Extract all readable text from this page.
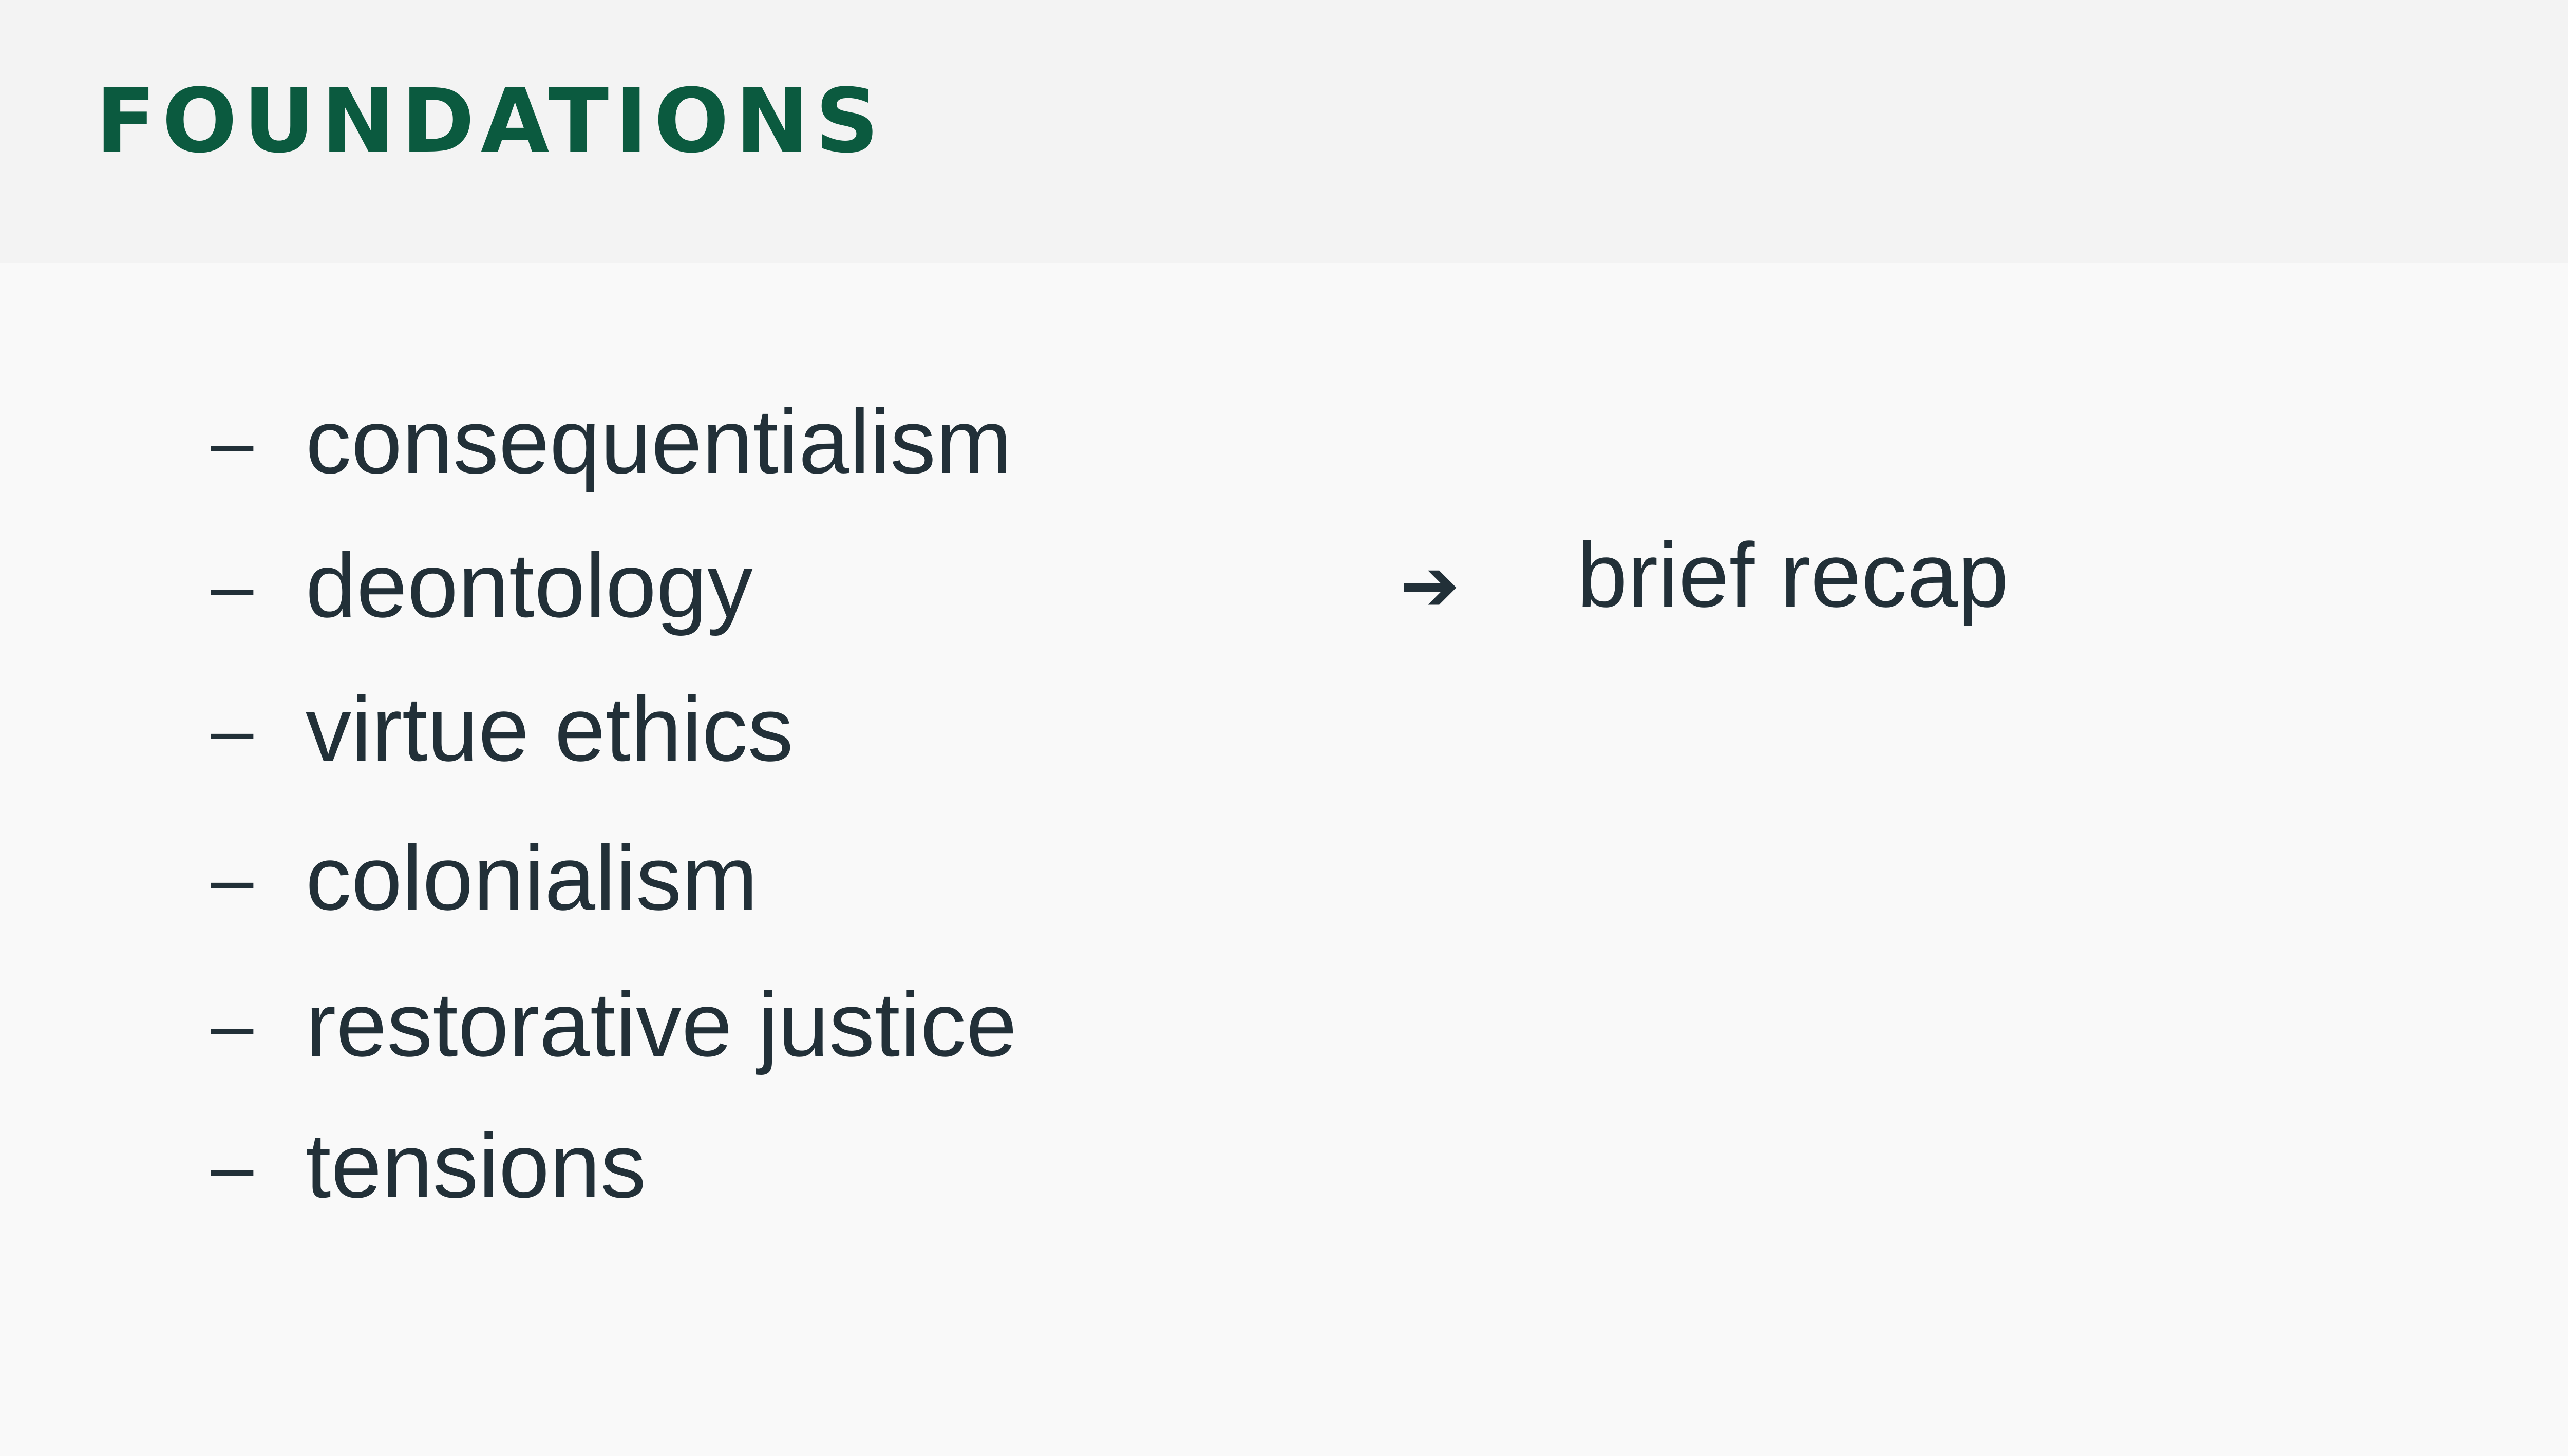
FOUNDATIONS
– consequentialism
– deontology
– virtue ethics
– colonialism
– restorative justice
– tensions
➔ brief recap
